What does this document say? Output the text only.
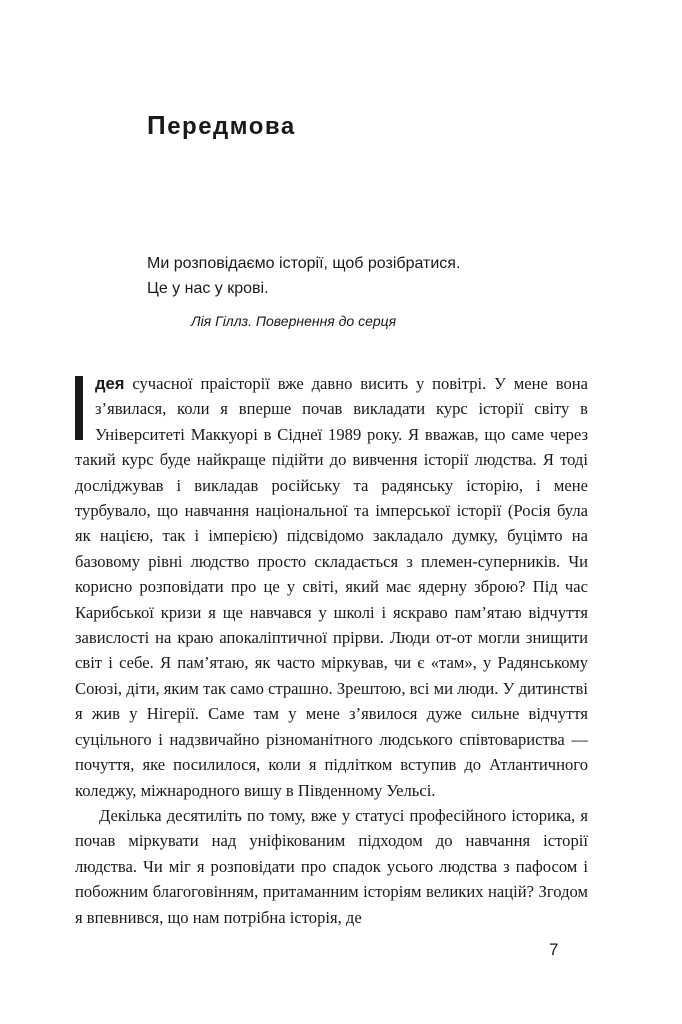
Передмова
Ми розповідаємо історії, щоб розібратися.
Це у нас у крові.
Лія Гіллз. Повернення до серця

дея сучасної праісторії вже давно висить у повітрі. У мене вона з’явилася, коли я вперше почав викладати курс історії світу в Університеті Маккуорі в Сіднеї 1989 року. Я вважав, що саме через такий курс буде найкраще підійти до вивчення історії людства. Я тоді досліджував і викладав російську та радянську історію, і мене турбувало, що навчання національної та імперської історії (Росія була як нацією, так і імперією) підсвідомо закладало думку, буцімто на базовому рівні людство просто складається з племен-суперників. Чи корисно розповідати про це у світі, який має ядерну зброю? Під час Карибської кризи я ще навчався у школі і яскраво пам’ятаю відчуття завислості на краю апокаліптичної прірви. Люди от-от могли знищити світ і себе. Я пам’ятаю, як часто міркував, чи є «там», у Радянському Союзі, діти, яким так само страшно. Зрештою, всі ми люди. У дитинстві я жив у Нігерії. Саме там у мене з’явилося дуже сильне відчуття суцільного і надзвичайно різноманітного людського співтовариства — почуття, яке посилилося, коли я підлітком вступив до Атлантичного коледжу, міжнародного вишу в Південному Уельсі.

Декілька десятиліть по тому, вже у статусі професійного історика, я почав міркувати над уніфікованим підходом до навчання історії людства. Чи міг я розповідати про спадок усього людства з пафосом і побожним благоговінням, притаманним історіям великих націй? Згодом я впевнився, що нам потрібна історія, де

7
